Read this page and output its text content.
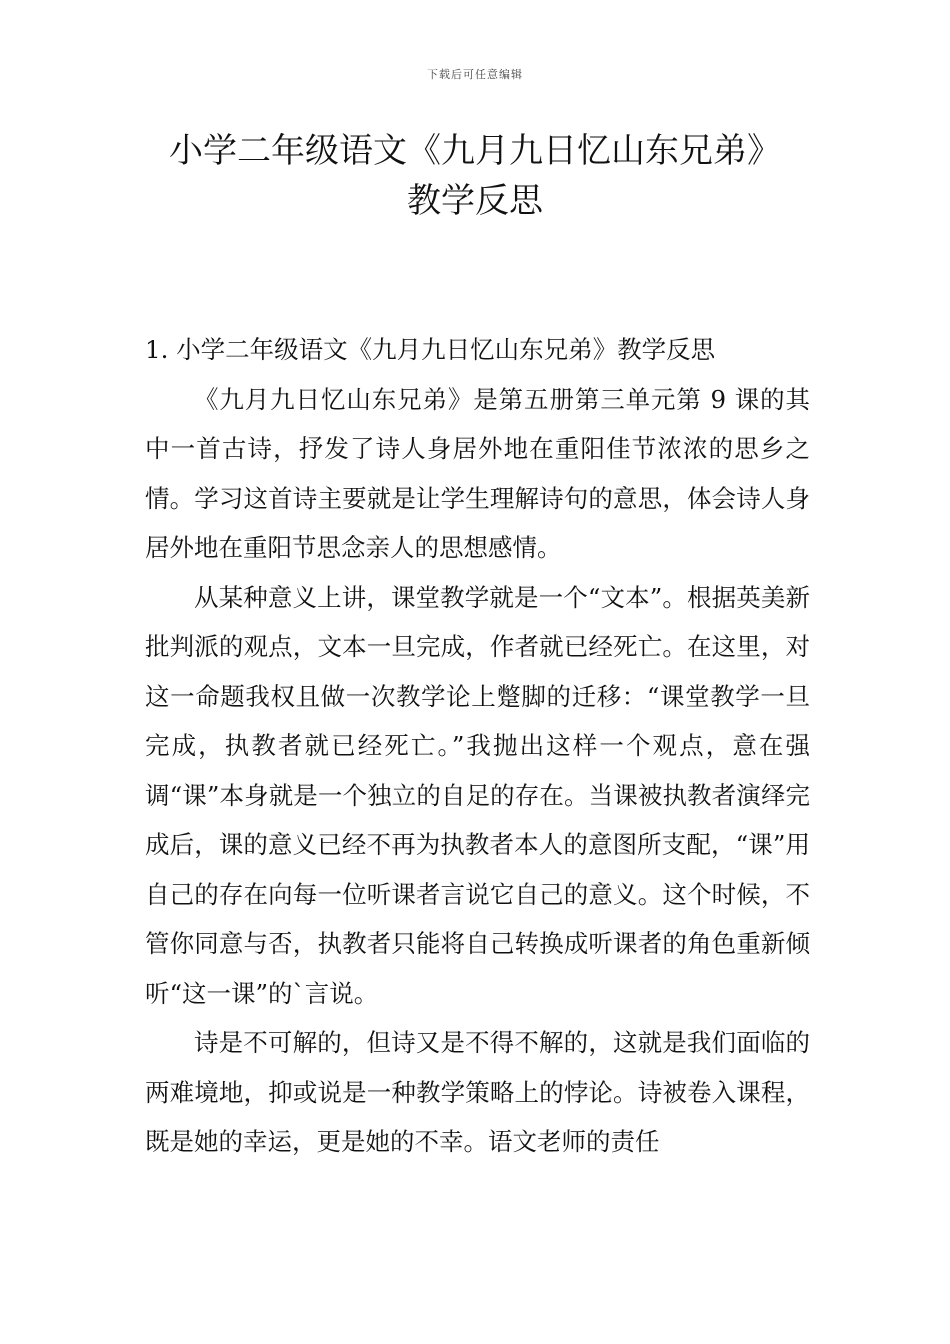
下载后可任意编辑
小学二年级语文《九月九日忆山东兄弟》
教学反思
1. 小学二年级语文《九月九日忆山东兄弟》教学反思

《九月九日忆山东兄弟》是第五册第三单元第 9 课的其中一首古诗，抒发了诗人身居外地在重阳佳节浓浓的思乡之情。学习这首诗主要就是让学生理解诗句的意思，体会诗人身居外地在重阳节思念亲人的思想感情。

从某种意义上讲，课堂教学就是一个“文本”。根据英美新批判派的观点，文本一旦完成，作者就已经死亡。在这里，对这一命题我权且做一次教学论上蹩脚的迁移：“课堂教学一旦完成，执教者就已经死亡。”我抛出这样一个观点，意在强调“课”本身就是一个独立的自足的存在。当课被执教者演绎完成后，课的意义已经不再为执教者本人的意图所支配，“课”用自己的存在向每一位听课者言说它自己的意义。这个时候，不管你同意与否，执教者只能将自己转换成听课者的角色重新倾听“这一课”的`言说。

诗是不可解的，但诗又是不得不解的，这就是我们面临的两难境地，抑或说是一种教学策略上的悖论。诗被卷入课程，既是她的幸运，更是她的不幸。语文老师的责任
